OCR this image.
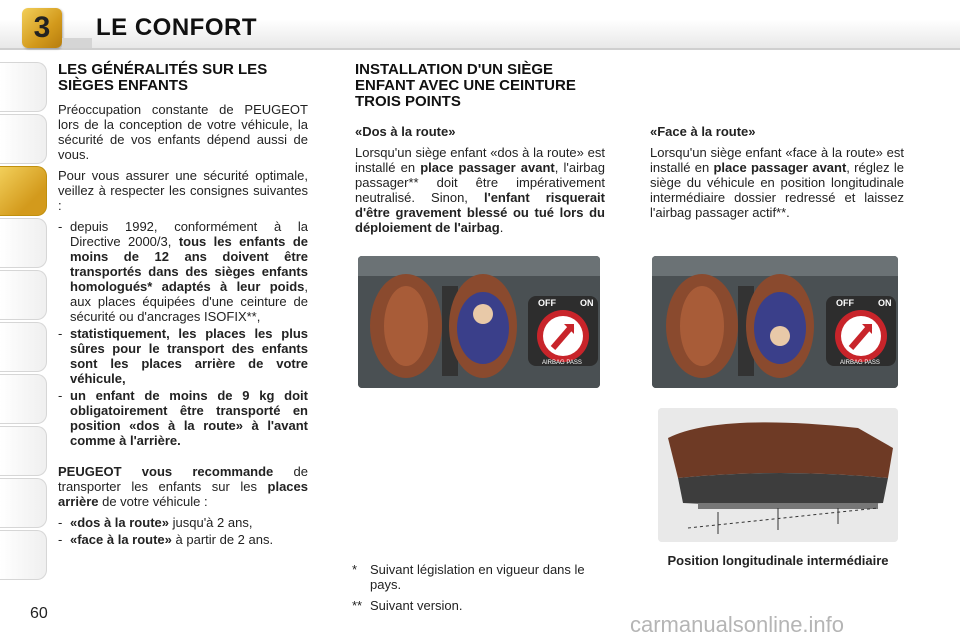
3 LE CONFORT
LES GÉNÉRALITÉS SUR LES SIÈGES ENFANTS

Préoccupation constante de PEUGEOT lors de la conception de votre véhicule, la sécurité de vos enfants dépend aussi de vous.

Pour vous assurer une sécurité optimale, veillez à respecter les consignes suivantes :

- depuis 1992, conformément à la Directive 2000/3, tous les enfants de moins de 12 ans doivent être transportés dans des sièges enfants homologués* adaptés à leur poids, aux places équipées d'une ceinture de sécurité ou d'ancrages ISOFIX**,
- statistiquement, les places les plus sûres pour le transport des enfants sont les places arrière de votre véhicule,
- un enfant de moins de 9 kg doit obligatoirement être transporté en position «dos à la route» à l'avant comme à l'arrière.

PEUGEOT vous recommande de transporter les enfants sur les places arrière de votre véhicule :

- «dos à la route» jusqu'à 2 ans,
- «face à la route» à partir de 2 ans.
INSTALLATION D'UN SIÈGE ENFANT AVEC UNE CEINTURE TROIS POINTS
«Dos à la route»

Lorsqu'un siège enfant «dos à la route» est installé en place passager avant, l'airbag passager** doit être impérativement neutralisé. Sinon, l'enfant risquerait d'être gravement blessé ou tué lors du déploiement de l'airbag.

«Face à la route»

Lorsqu'un siège enfant «face à la route» est installé en place passager avant, réglez le siège du véhicule en position longitudinale intermédiaire dossier redressé et laissez l'airbag passager actif**.

OFF	ON
AIRBAG PASS
OFF	ON
AIRBAG PASS
* Suivant législation en vigueur dans le pays.
** Suivant version.
Position longitudinale intermédiaire
60	carmanualsonline.info
